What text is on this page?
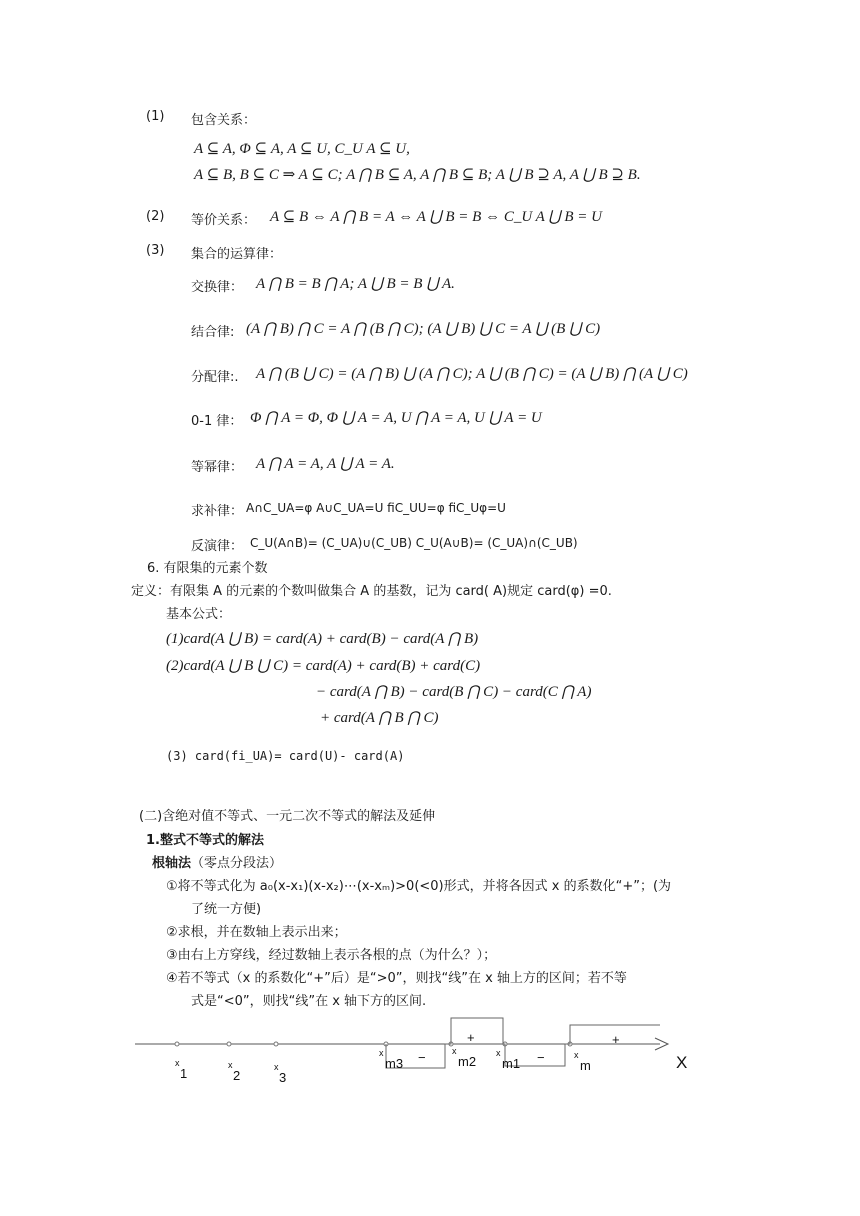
(1) 包含关系：
A ⊆ A, Φ ⊆ A, A ⊆ U, C_U A ⊆ U,
A ⊆ B, B ⊆ C ⇒ A ⊆ C; A ⋂ B ⊆ A, A ⋂ B ⊆ B; A ⋃ B ⊇ A, A ⋃ B ⊇ B.
(2) 等价关系： A ⊆ B ⇔ A ⋂ B = A ⇔ A ⋃ B = B ⇔ C_U A ⋃ B = U
(3) 集合的运算律：
交换律： A ⋂ B = B ⋂ A; A ⋃ B = B ⋃ A.
结合律: (A ⋂ B) ⋂ C = A ⋂ (B ⋂ C); (A ⋃ B) ⋃ C = A ⋃ (B ⋃ C)
分配律:. A ⋂ (B ⋃ C) = (A ⋂ B) ⋃ (A ⋂ C); A ⋃ (B ⋂ C) = (A ⋃ B) ⋂ (A ⋃ C)
0-1 律： Φ ⋂ A = Φ, Φ ⋃ A = A, U ⋂ A = A, U ⋃ A = U
等幂律： A ⋂ A = A, A ⋃ A = A.
求补律： A∩C_UA=φ A∪C_UA=U fiC_UU=φ fiC_Uφ=U
反演律： C_U(A∩B)= (C_UA)∪(C_UB) C_U(A∪B)= (C_UA)∩(C_UB)
6. 有限集的元素个数
定义：有限集 A 的元素的个数叫做集合 A 的基数，记为 card( A)规定 card(φ) =0.
基本公式：
(1)card(A ⋃ B) = card(A) + card(B) − card(A ⋂ B)
(2)card(A ⋃ B ⋃ C) = card(A) + card(B) + card(C)
− card(A ⋂ B) − card(B ⋂ C) − card(C ⋂ A)
+ card(A ⋂ B ⋂ C)
(3) card(fi_UA)= card(U)- card(A)
(二)含绝对值不等式、一元二次不等式的解法及延伸
1.整式不等式的解法
根轴法（零点分段法）
①将不等式化为 a₀(x-x₁)(x-x₂)⋯(x-xₘ)>0(<0)形式，并将各因式 x 的系数化“+”；(为
了统一方便)
②求根，并在数轴上表示出来；
③由右上方穿线，经过数轴上表示各根的点（为什么？）；
④若不等式（x 的系数化“+”后）是“>0”，则找“线”在 x 轴上方的区间；若不等
式是“<0”，则找“线”在 x 轴下方的区间.
X
−
+
−
+
x
1
x
2
x
3
x
m3
x
m2
x
m1
x
m
